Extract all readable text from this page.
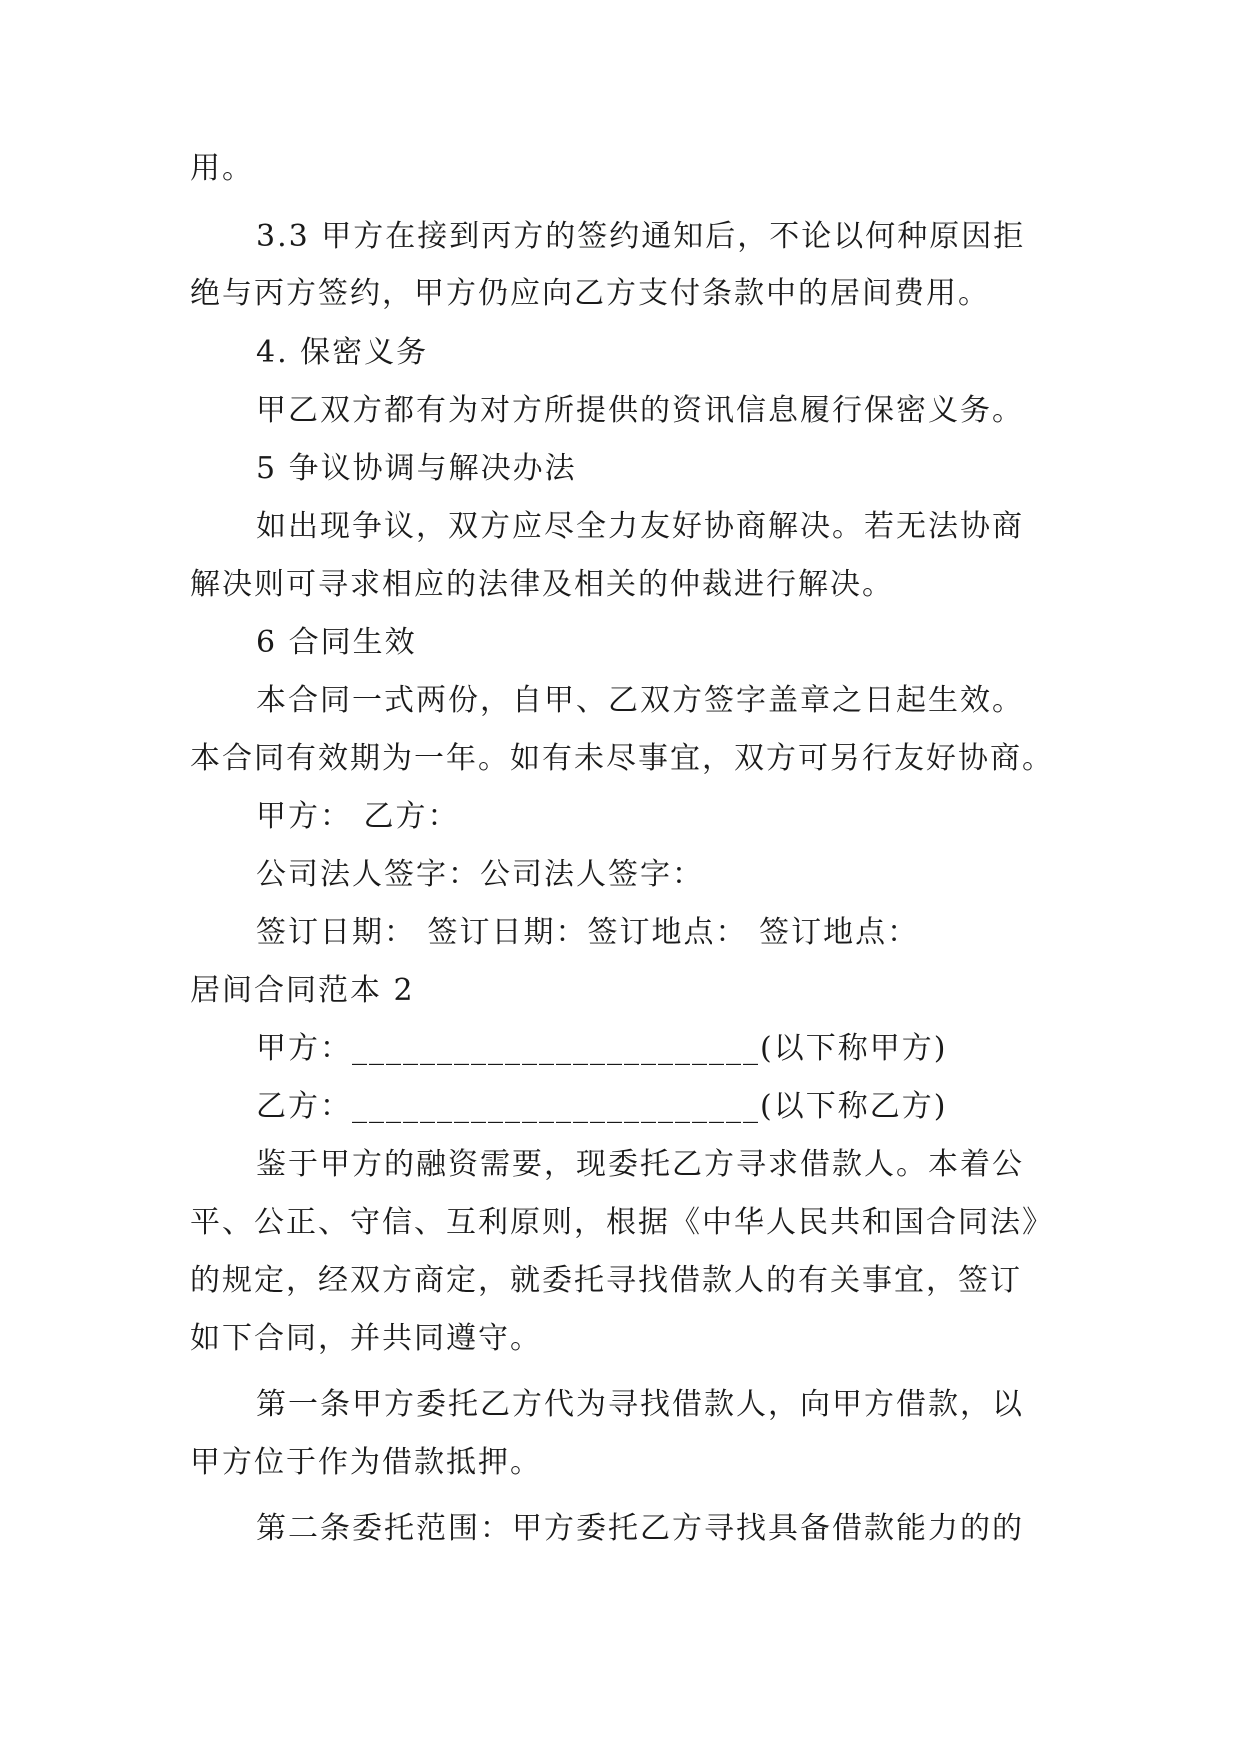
用。
3.3 甲方在接到丙方的签约通知后，不论以何种原因拒
绝与丙方签约，甲方仍应向乙方支付条款中的居间费用。
4. 保密义务
甲乙双方都有为对方所提供的资讯信息履行保密义务。
5 争议协调与解决办法
如出现争议，双方应尽全力友好协商解决。若无法协商
解决则可寻求相应的法律及相关的仲裁进行解决。
6 合同生效
本合同一式两份，自甲、乙双方签字盖章之日起生效。
本合同有效期为一年。如有未尽事宜，双方可另行友好协商。
甲方： 乙方：
公司法人签字：公司法人签字：
签订日期： 签订日期：签订地点： 签订地点：
居间合同范本 2
甲方：________________________(以下称甲方)
乙方：________________________(以下称乙方)
鉴于甲方的融资需要，现委托乙方寻求借款人。本着公
平、公正、守信、互利原则，根据《中华人民共和国合同法》
的规定，经双方商定，就委托寻找借款人的有关事宜，签订
如下合同，并共同遵守。
第一条甲方委托乙方代为寻找借款人，向甲方借款，以
甲方位于作为借款抵押。
第二条委托范围：甲方委托乙方寻找具备借款能力的的
